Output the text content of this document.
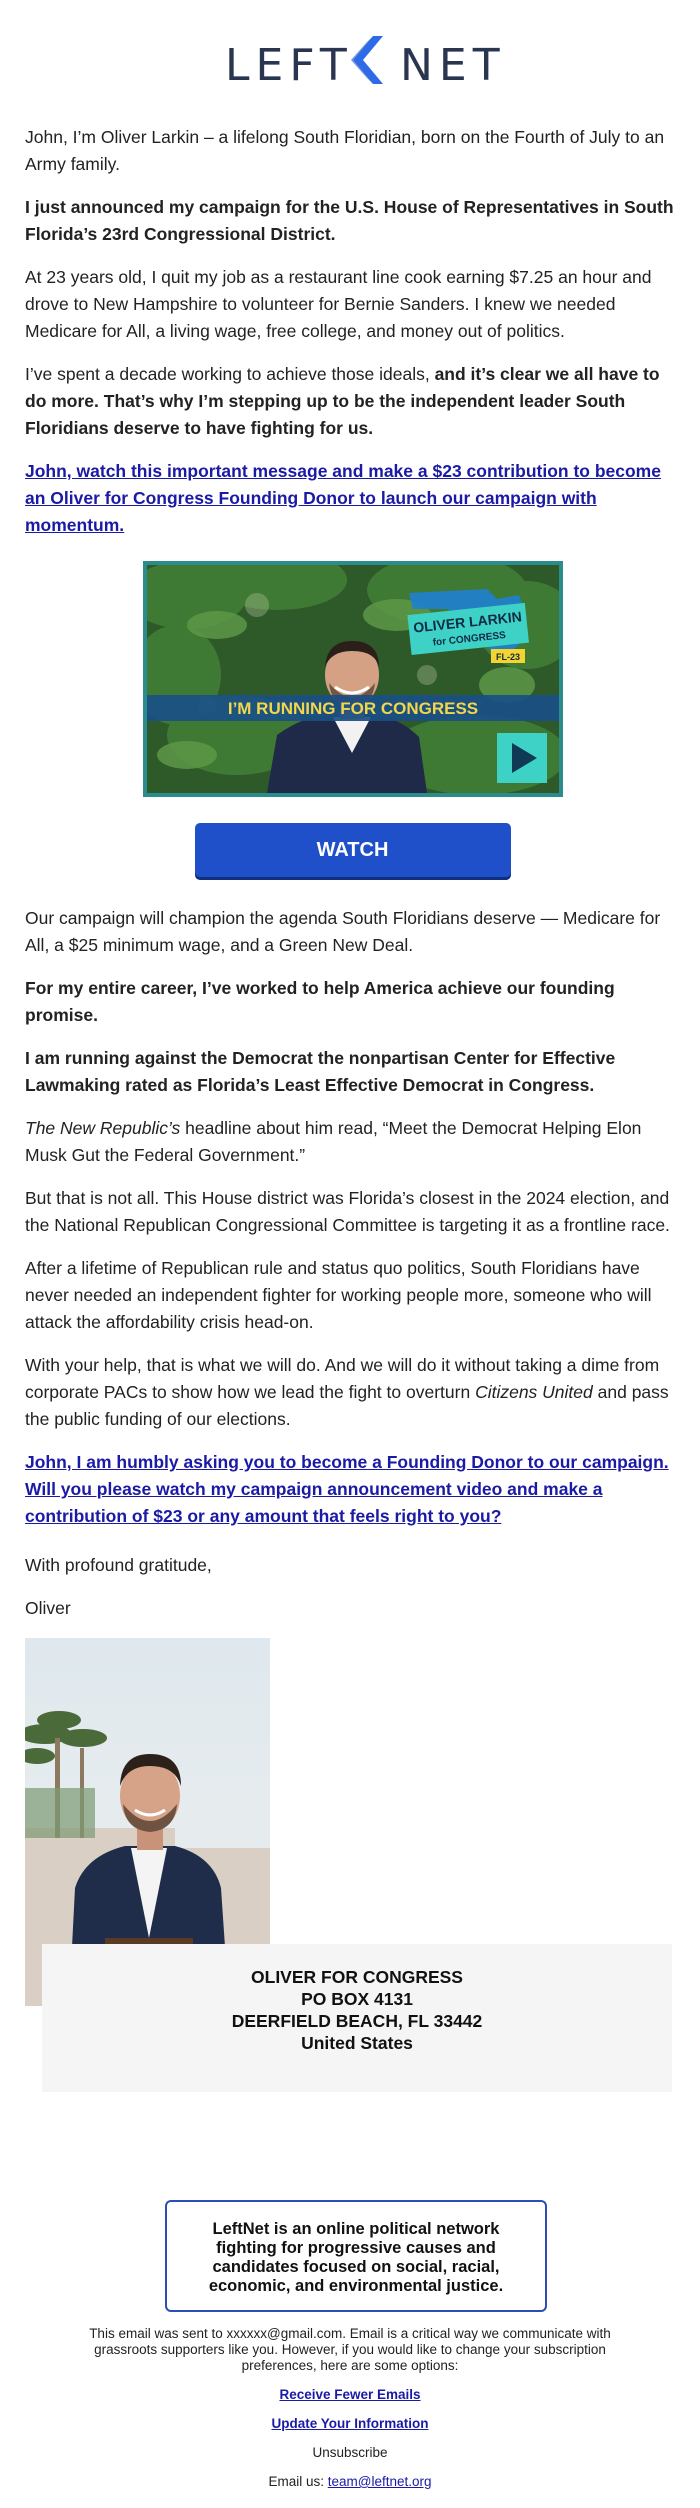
LEFT NET

John, I’m Oliver Larkin – a lifelong South Floridian, born on the Fourth of July to an Army family.

I just announced my campaign for the U.S. House of Representatives in South Florida’s 23rd Congressional District.

At 23 years old, I quit my job as a restaurant line cook earning $7.25 an hour and drove to New Hampshire to volunteer for Bernie Sanders. I knew we needed Medicare for All, a living wage, free college, and money out of politics.

I’ve spent a decade working to achieve those ideals, and it’s clear we all have to do more. That’s why I’m stepping up to be the independent leader South Floridians deserve to have fighting for us.

John, watch this important message and make a $23 contribution to become an Oliver for Congress Founding Donor to launch our campaign with momentum.

OLIVER LARKIN
for CONGRESS
FL-23
I’M RUNNING FOR CONGRESS
WATCH

Our campaign will champion the agenda South Floridians deserve — Medicare for All, a $25 minimum wage, and a Green New Deal.

For my entire career, I’ve worked to help America achieve our founding promise.

I am running against the Democrat the nonpartisan Center for Effective Lawmaking rated as Florida’s Least Effective Democrat in Congress.

The New Republic’s headline about him read, “Meet the Democrat Helping Elon Musk Gut the Federal Government.”

But that is not all. This House district was Florida’s closest in the 2024 election, and the National Republican Congressional Committee is targeting it as a frontline race.

After a lifetime of Republican rule and status quo politics, South Floridians have never needed an independent fighter for working people more, someone who will attack the affordability crisis head-on.

With your help, that is what we will do. And we will do it without taking a dime from corporate PACs to show how we lead the fight to overturn Citizens United and pass the public funding of our elections.

John, I am humbly asking you to become a Founding Donor to our campaign. Will you please watch my campaign announcement video and make a contribution of $23 or any amount that feels right to you?

With profound gratitude,

Oliver

OLIVER FOR CONGRESS
PO BOX 4131
DEERFIELD BEACH, FL 33442
United States
LeftNet is an online political network fighting for progressive causes and candidates focused on social, racial, economic, and environmental justice.

This email was sent to xxxxxx@gmail.com. Email is a critical way we communicate with grassroots supporters like you. However, if you would like to change your subscription preferences, here are some options:

Receive Fewer Emails

Update Your Information

Unsubscribe

Email us: team@leftnet.org
